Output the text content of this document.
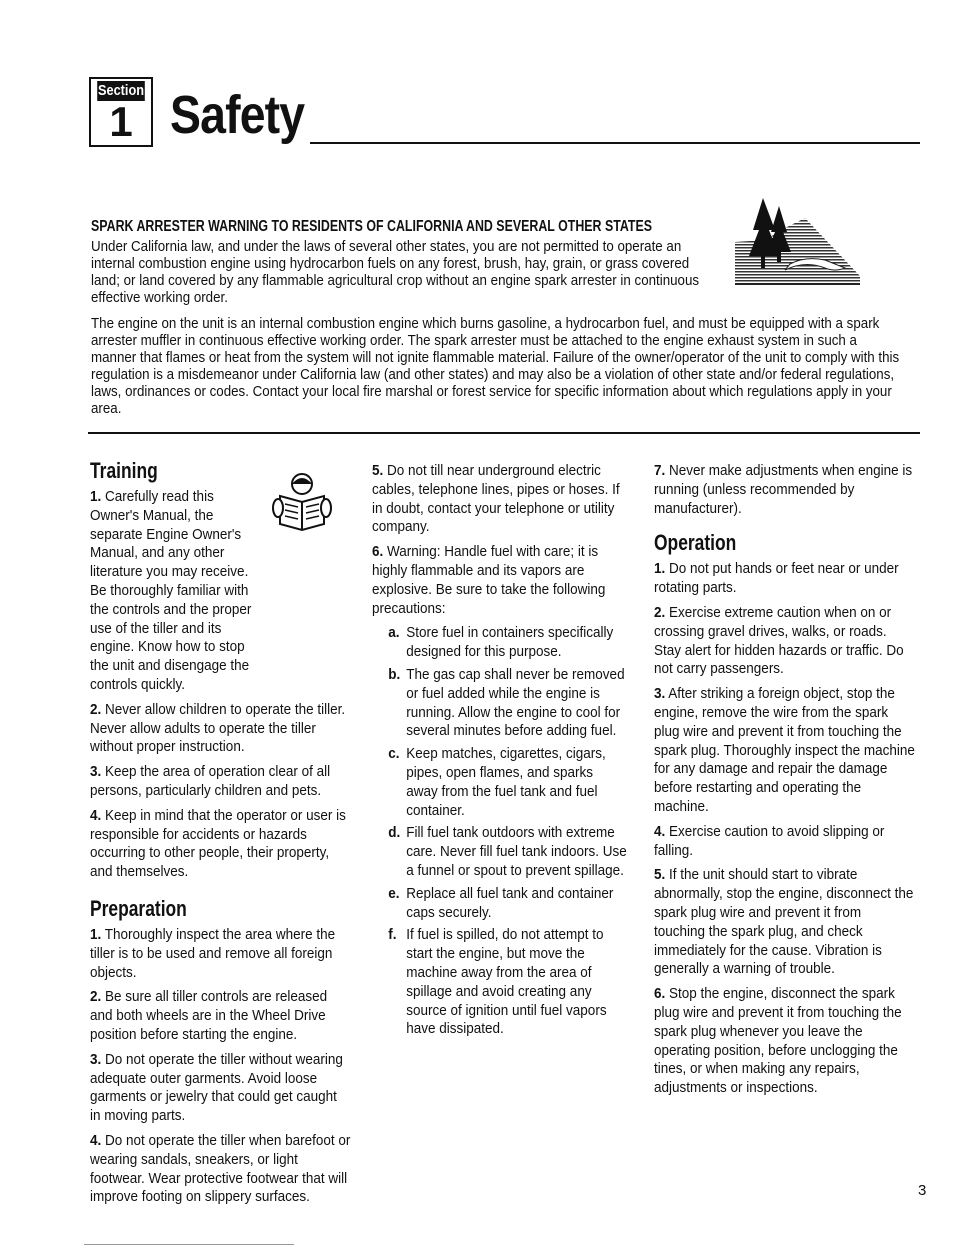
Section
1 Safety
SPARK ARRESTER WARNING TO RESIDENTS OF CALIFORNIA AND SEVERAL OTHER STATES
Under California law, and under the laws of several other states, you are not permitted to operate an internal combustion engine using hydrocarbon fuels on any forest, brush, hay, grain, or grass covered land; or land covered by any flammable agricultural crop without an engine spark arrester in continuous effective working order.
The engine on the unit is an internal combustion engine which burns gasoline, a hydrocarbon fuel, and must be equipped with a spark arrester muffler in continuous effective working order. The spark arrester must be attached to the engine exhaust system in such a manner that flames or heat from the system will not ignite flammable material. Failure of the owner/operator of the unit to comply with this regulation is a misdemeanor under California law (and other states) and may also be a violation of other state and/or federal regulations, laws, ordinances or codes. Contact your local fire marshal or forest service for specific information about which regulations apply in your area.
Training

1. Carefully read this Owner's Manual, the separate Engine Owner's Manual, and any other literature you may receive. Be thoroughly familiar with the controls and the proper use of the tiller and its engine. Know how to stop the unit and disengage the controls quickly.

2. Never allow children to operate the tiller. Never allow adults to operate the tiller without proper instruction.

3. Keep the area of operation clear of all persons, particularly children and pets.

4. Keep in mind that the operator or user is responsible for accidents or hazards occurring to other people, their property, and themselves.

Preparation

1. Thoroughly inspect the area where the tiller is to be used and remove all foreign objects.

2. Be sure all tiller controls are released and both wheels are in the Wheel Drive position before starting the engine.

3. Do not operate the tiller without wearing adequate outer garments. Avoid loose garments or jewelry that could get caught in moving parts.

4. Do not operate the tiller when barefoot or wearing sandals, sneakers, or light footwear. Wear protective footwear that will improve footing on slippery surfaces.

5. Do not till near underground electric cables, telephone lines, pipes or hoses. If in doubt, contact your telephone or utility company.

6. Warning: Handle fuel with care; it is highly flammable and its vapors are explosive. Be sure to take the following precautions:

a. Store fuel in containers specifically designed for this purpose.
b. The gas cap shall never be removed or fuel added while the engine is running. Allow the engine to cool for several minutes before adding fuel.
c. Keep matches, cigarettes, cigars, pipes, open flames, and sparks away from the fuel tank and fuel container.
d. Fill fuel tank outdoors with extreme care. Never fill fuel tank indoors. Use a funnel or spout to prevent spillage.
e. Replace all fuel tank and container caps securely.
f. If fuel is spilled, do not attempt to start the engine, but move the machine away from the area of spillage and avoid creating any source of ignition until fuel vapors have dissipated.

7. Never make adjustments when engine is running (unless recommended by manufacturer).

Operation

1. Do not put hands or feet near or under rotating parts.

2. Exercise extreme caution when on or crossing gravel drives, walks, or roads. Stay alert for hidden hazards or traffic. Do not carry passengers.

3. After striking a foreign object, stop the engine, remove the wire from the spark plug wire and prevent it from touching the spark plug. Thoroughly inspect the machine for any damage and repair the damage before restarting and operating the machine.

4. Exercise caution to avoid slipping or falling.

5. If the unit should start to vibrate abnormally, stop the engine, disconnect the spark plug wire and prevent it from touching the spark plug, and check immediately for the cause. Vibration is generally a warning of trouble.

6. Stop the engine, disconnect the spark plug wire and prevent it from touching the spark plug whenever you leave the operating position, before unclogging the tines, or when making any repairs, adjustments or inspections.

3
